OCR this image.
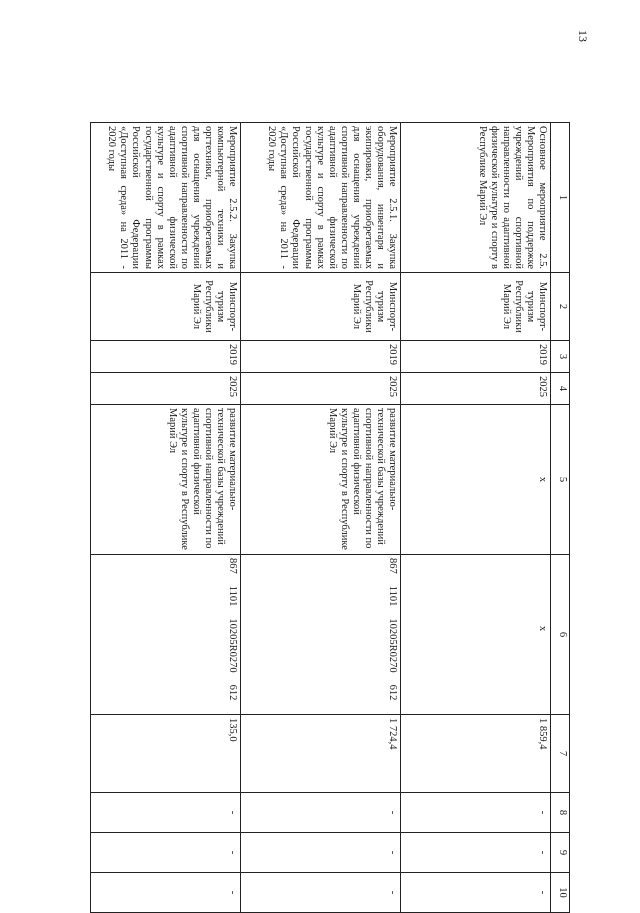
13
1	2	3	4	5	6	7	8	9	10
Основное мероприятие 2.5. Мероприятия по поддержке учреждений спортивной направленности по адаптивной физической культуре и спорту в Республике Марий Эл	Минспорт-туризм Республики Марий Эл	2019	2025	x	x	1 859,4	-	-	-
Мероприятие 2.5.1. Закупка оборудования, инвентаря и экипировки, приобретаемых для оснащения учреждений спортивной направленности по адаптивной физической культуре и спорту в рамках государственной программы Российской Федерации «Доступная среда» на 2011 - 2020 годы	Минспорт-туризм Республики Марий Эл	2019	2025	развитие материально-технической базы учреждений спортивной направленности по адаптивной физической культуре и спорту в Республике Марий Эл	867110110205R0270612	1 724,4	-	-	-
Мероприятие 2.5.2. Закупка компьютерной техники и оргтехники, приобретаемых для оснащения учреждений спортивной направленности по адаптивной физической культуре и спорту в рамках государственной программы Российской Федерации «Доступная среда» на 2011 - 2020 годы	Минспорт-туризм Республики Марий Эл	2019	2025	развитие материально-технической базы учреждений спортивной направленности по адаптивной физической культуре и спорту в Республике Марий Эл	867110110205R0270612	135,0	-	-	-
